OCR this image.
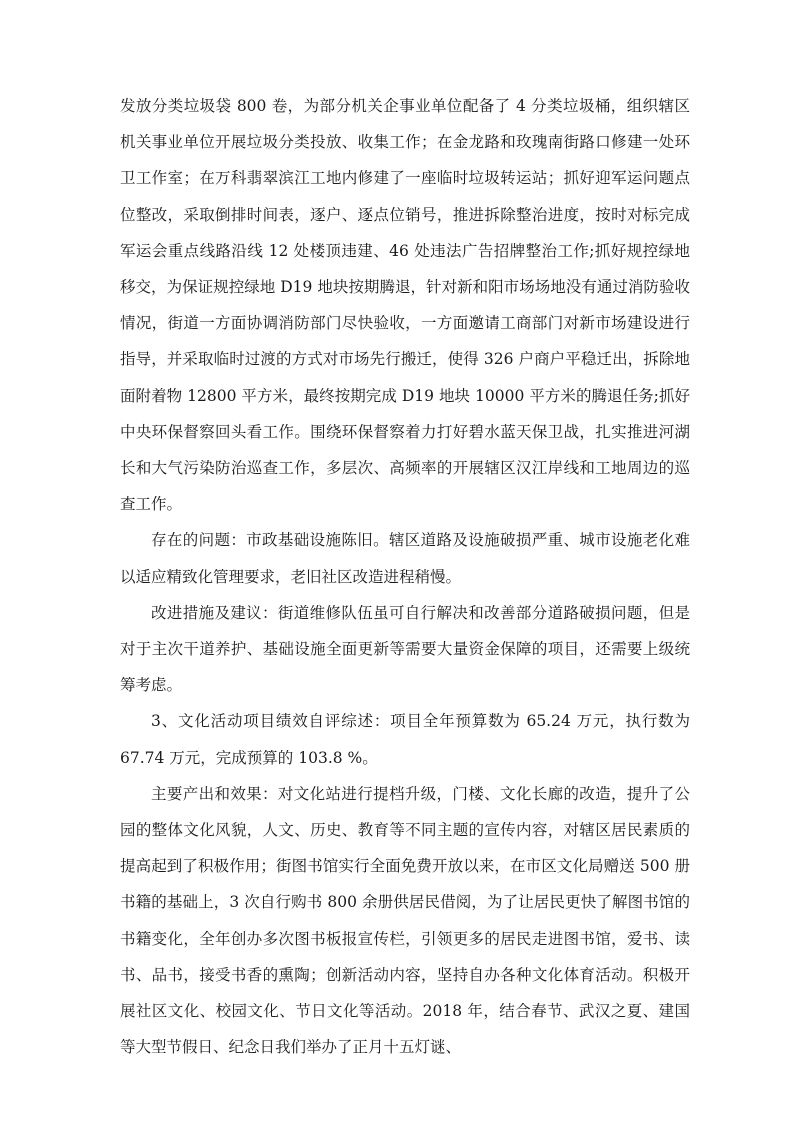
发放分类垃圾袋 800 卷，为部分机关企事业单位配备了 4 分类垃圾桶，组织辖区机关事业单位开展垃圾分类投放、收集工作；在金龙路和玫瑰南街路口修建一处环卫工作室；在万科翡翠滨江工地内修建了一座临时垃圾转运站；抓好迎军运问题点位整改，采取倒排时间表，逐户、逐点位销号，推进拆除整治进度，按时对标完成军运会重点线路沿线 12 处楼顶违建、46 处违法广告招牌整治工作;抓好规控绿地移交，为保证规控绿地 D19 地块按期腾退，针对新和阳市场场地没有通过消防验收情况，街道一方面协调消防部门尽快验收，一方面邀请工商部门对新市场建设进行指导，并采取临时过渡的方式对市场先行搬迁，使得 326 户商户平稳迁出，拆除地面附着物 12800 平方米，最终按期完成 D19 地块 10000 平方米的腾退任务;抓好中央环保督察回头看工作。围绕环保督察着力打好碧水蓝天保卫战，扎实推进河湖长和大气污染防治巡查工作，多层次、高频率的开展辖区汉江岸线和工地周边的巡查工作。

存在的问题：市政基础设施陈旧。辖区道路及设施破损严重、城市设施老化难以适应精致化管理要求，老旧社区改造进程稍慢。

改进措施及建议：街道维修队伍虽可自行解决和改善部分道路破损问题，但是对于主次干道养护、基础设施全面更新等需要大量资金保障的项目，还需要上级统筹考虑。

3、文化活动项目绩效自评综述：项目全年预算数为 65.24 万元，执行数为 67.74 万元，完成预算的 103.8 %。

主要产出和效果：对文化站进行提档升级，门楼、文化长廊的改造，提升了公园的整体文化风貌，人文、历史、教育等不同主题的宣传内容，对辖区居民素质的提高起到了积极作用；街图书馆实行全面免费开放以来，在市区文化局赠送 500 册书籍的基础上，3 次自行购书 800 余册供居民借阅，为了让居民更快了解图书馆的书籍变化，全年创办多次图书板报宣传栏，引领更多的居民走进图书馆，爱书、读书、品书，接受书香的熏陶；创新活动内容，坚持自办各种文化体育活动。积极开展社区文化、校园文化、节日文化等活动。2018 年，结合春节、武汉之夏、建国等大型节假日、纪念日我们举办了正月十五灯谜、
